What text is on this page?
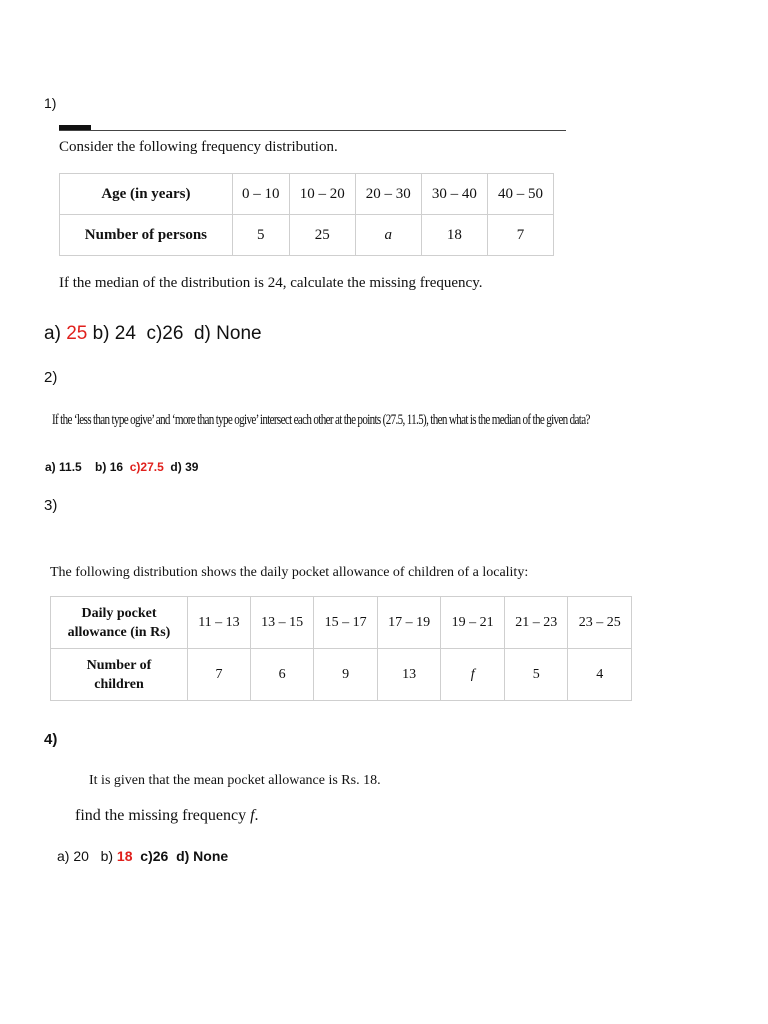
1)
Consider the following frequency distribution.
Age (in years)	0 – 10	10 – 20	20 – 30	30 – 40	40 – 50
Number of persons	5	25	a	18	7
If the median of the distribution is 24, calculate the missing frequency.
a) 25 b) 24  c)26  d) None
2)
If the ‘less than type ogive’ and ‘more than type ogive’ intersect each other at the points (27.5, 11.5), then what is the median of the given data?
a) 11.5    b) 16  c)27.5  d) 39
3)
The following distribution shows the daily pocket allowance of children of a locality:
Daily pocket
allowance (in Rs)	11 – 13	13 – 15	15 – 17	17 – 19	19 – 21	21 – 23	23 – 25

Number of
children	7	6	9	13	f	5	4
4)
It is given that the mean pocket allowance is Rs. 18.
find the missing frequency f.
a) 20   b) 18  c)26  d) None
